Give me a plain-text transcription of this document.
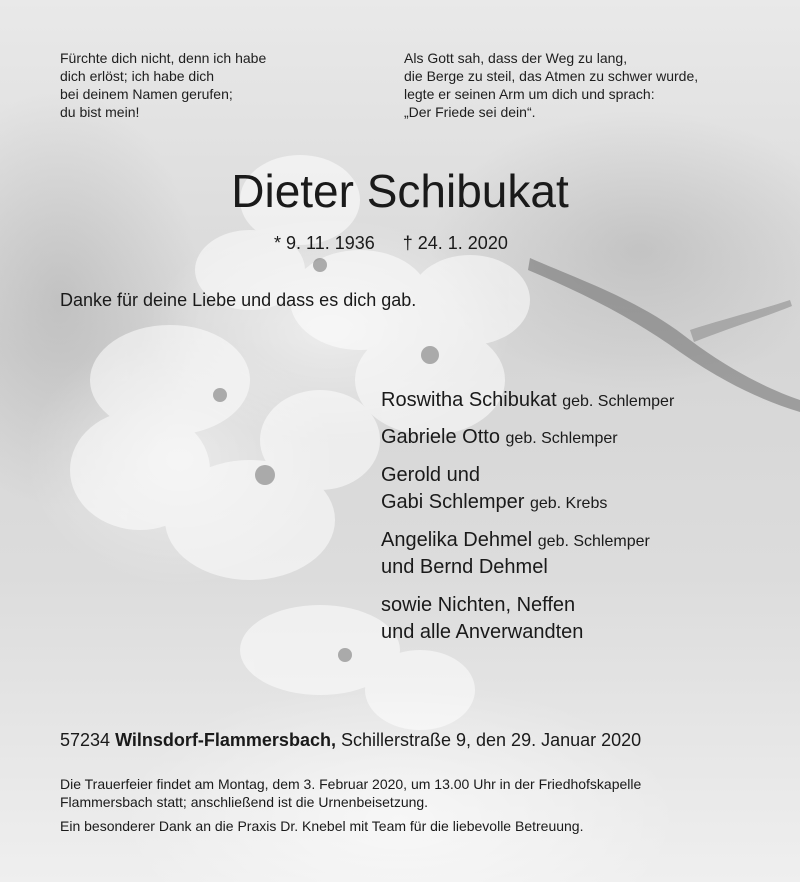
Fürchte dich nicht, denn ich habe
dich erlöst; ich habe dich
bei deinem Namen gerufen;
du bist mein!
Als Gott sah, dass der Weg zu lang,
die Berge zu steil, das Atmen zu schwer wurde,
legte er seinen Arm um dich und sprach:
„Der Friede sei dein“.
Dieter Schibukat
* 9. 11. 1936 † 24. 1. 2020
Danke für deine Liebe und dass es dich gab.
Roswitha Schibukat geb. Schlemper
Gabriele Otto geb. Schlemper
Gerold und
Gabi Schlemper geb. Krebs
Angelika Dehmel geb. Schlemper
und Bernd Dehmel
sowie Nichten, Neffen
und alle Anverwandten
57234 Wilnsdorf-Flammersbach, Schillerstraße 9, den 29. Januar 2020
Die Trauerfeier findet am Montag, dem 3. Februar 2020, um 13.00 Uhr in der Friedhofskapelle
Flammersbach statt; anschließend ist die Urnenbeisetzung.
Ein besonderer Dank an die Praxis Dr. Knebel mit Team für die liebevolle Betreuung.
